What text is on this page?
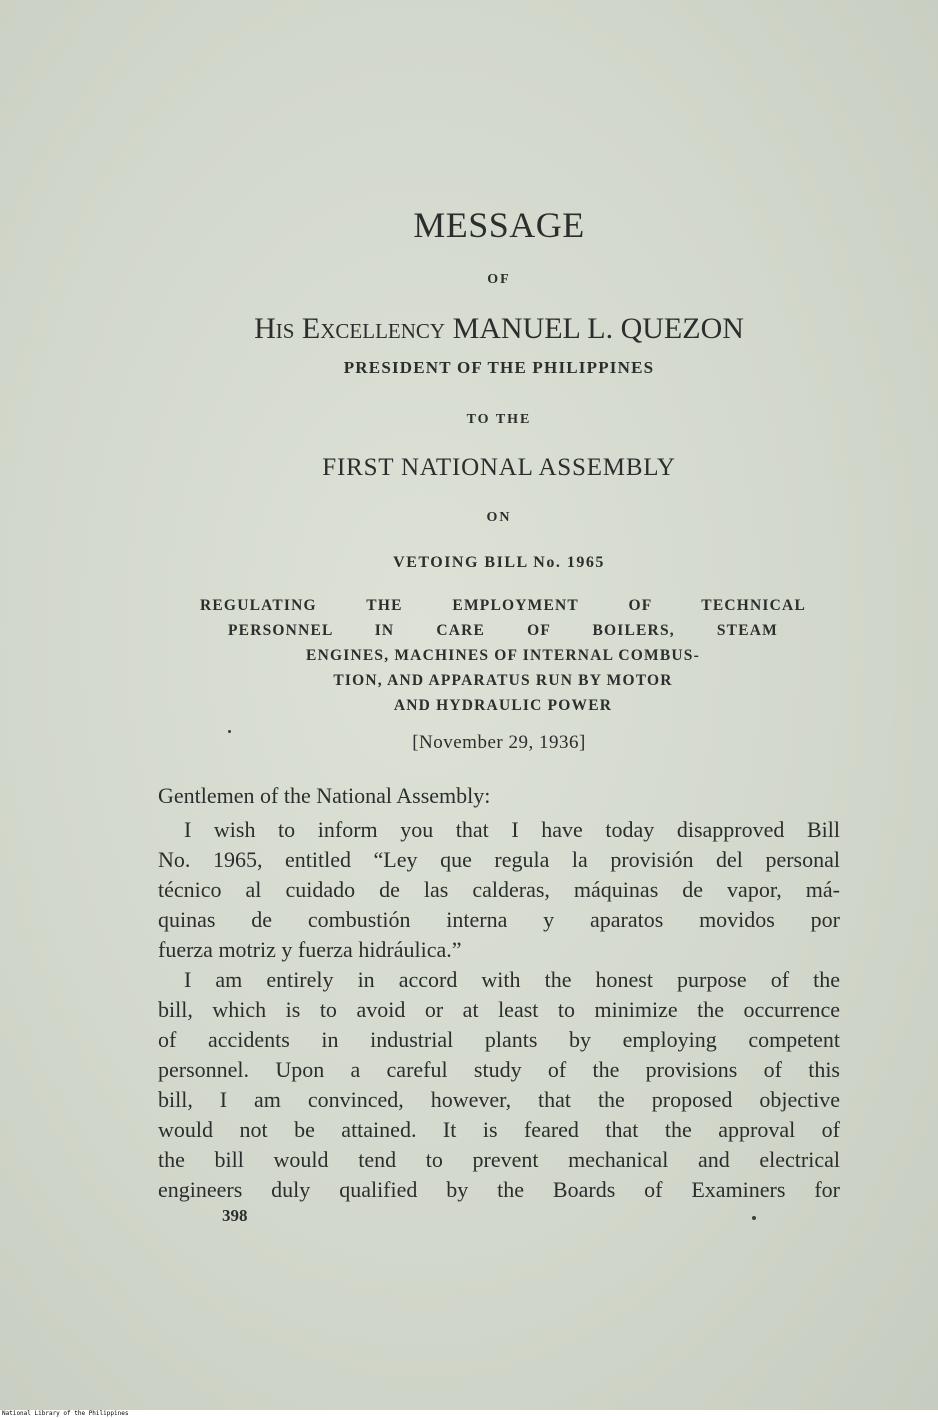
MESSAGE
OF
His Excellency MANUEL L. QUEZON
PRESIDENT OF THE PHILIPPINES
TO THE
FIRST NATIONAL ASSEMBLY
ON
VETOING BILL No. 1965
REGULATING THE EMPLOYMENT OF TECHNICAL
PERSONNEL IN CARE OF BOILERS, STEAM
ENGINES, MACHINES OF INTERNAL COMBUS-
TION, AND APPARATUS RUN BY MOTOR
AND HYDRAULIC POWER
[November 29, 1936]
Gentlemen of the National Assembly:
I wish to inform you that I have today disapproved Bill
No. 1965, entitled “Ley que regula la provisión del personal
técnico al cuidado de las calderas, máquinas de vapor, má-
quinas de combustión interna y aparatos movidos por
fuerza motriz y fuerza hidráulica.”
I am entirely in accord with the honest purpose of the
bill, which is to avoid or at least to minimize the occurrence
of accidents in industrial plants by employing competent
personnel. Upon a careful study of the provisions of this
bill, I am convinced, however, that the proposed objective
would not be attained. It is feared that the approval of
the bill would tend to prevent mechanical and electrical
engineers duly qualified by the Boards of Examiners for
398
National Library of the Philippines
